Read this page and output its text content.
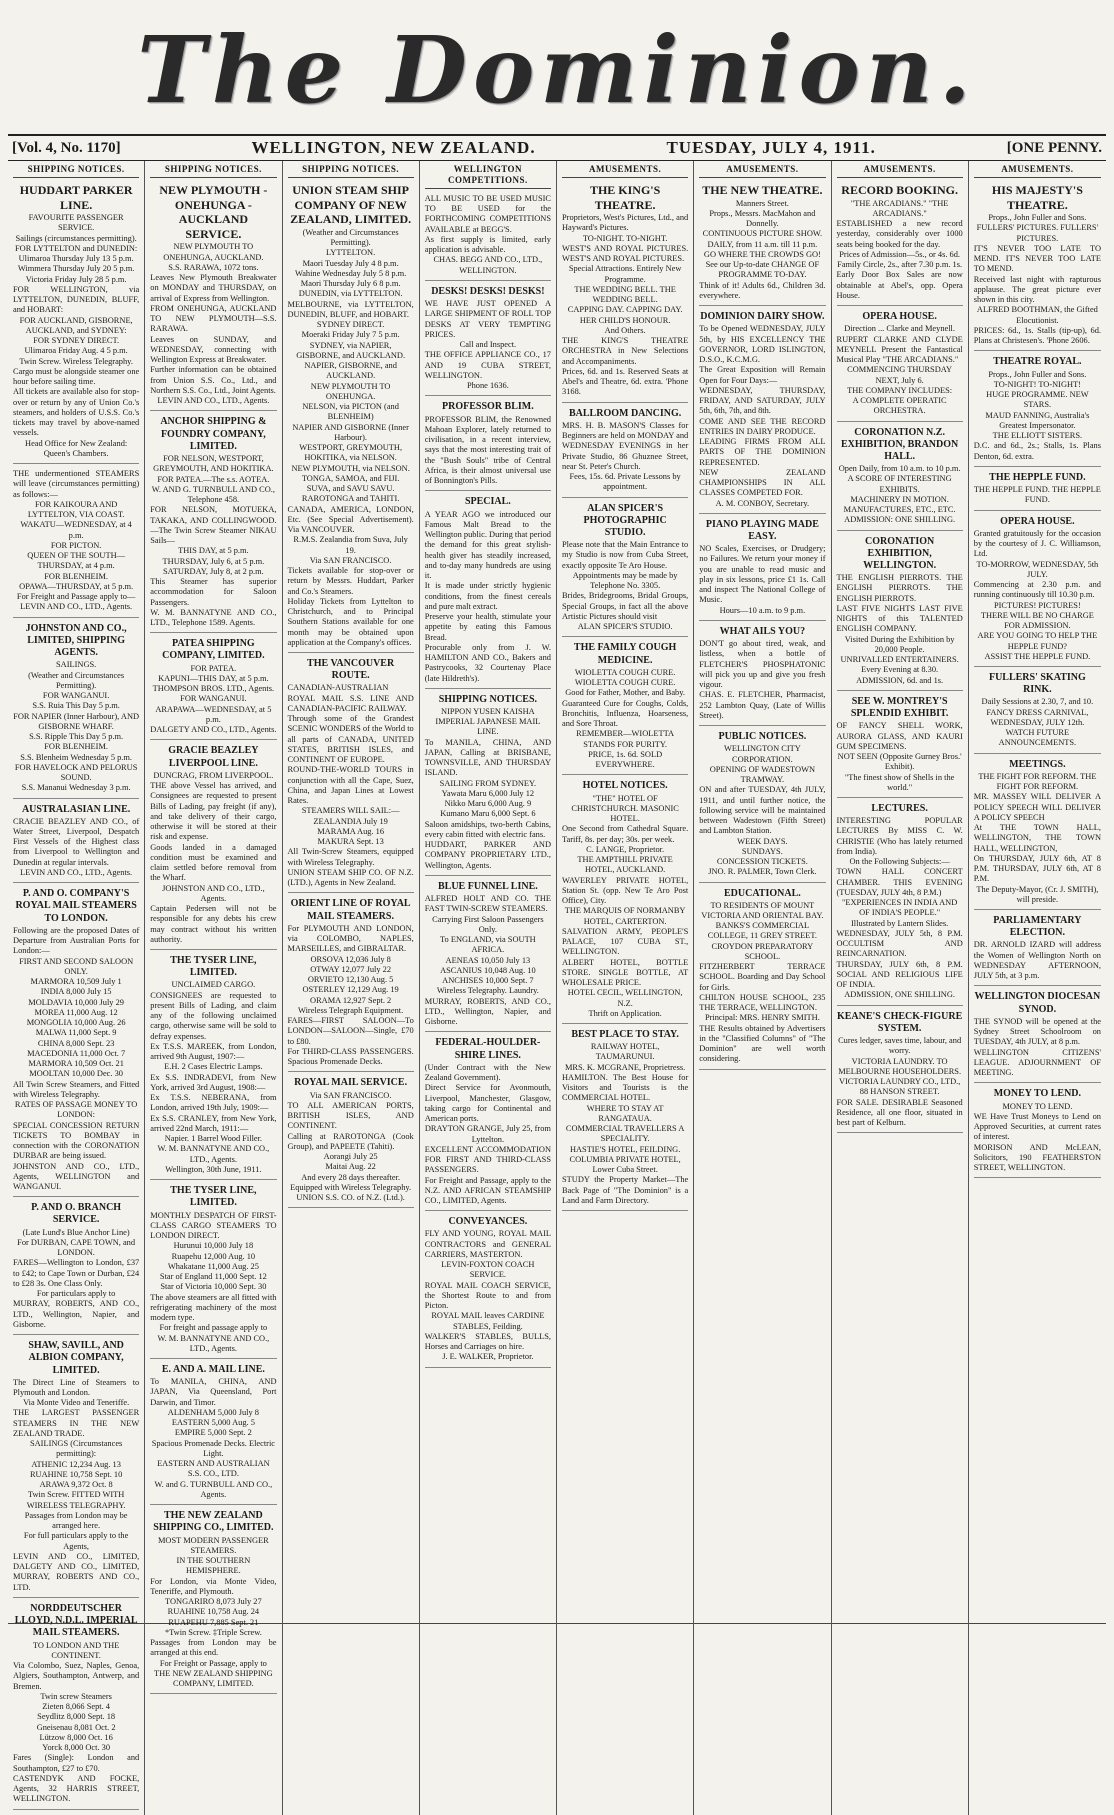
The Dominion.
[Vol. 4, No. 1170]	WELLINGTON, NEW ZEALAND.	TUESDAY, JULY 4, 1911.	[ONE PENNY.
SHIPPING NOTICES.
HUDDART PARKER LINE.
FAVOURITE PASSENGER SERVICE.
Sailings (circumstances permitting).
FOR LYTTELTON and DUNEDIN:
Ulimaroa Thursday July 13 5 p.m.
Wimmera Thursday July 20 5 p.m.
Victoria Friday July 28 5 p.m.
FOR WELLINGTON, via LYTTELTON, DUNEDIN, BLUFF, and HOBART:
FOR AUCKLAND, GISBORNE, AUCKLAND, and SYDNEY:
FOR SYDNEY DIRECT.
Ulimaroa Friday Aug. 4 5 p.m.
Twin Screw. Wireless Telegraphy.
Cargo must be alongside steamer one hour before sailing time.
All tickets are available also for stop-over or return by any of Union Co.'s steamers, and holders of U.S.S. Co.'s tickets may travel by above-named vessels.
Head Office for New Zealand: Queen's Chambers.
THE undermentioned STEAMERS will leave (circumstances permitting) as follows:—
FOR KAIKOURA AND LYTTELTON, VIA COAST.
WAKATU—WEDNESDAY, at 4 p.m.
FOR PICTON.
QUEEN OF THE SOUTH—THURSDAY, at 4 p.m.
FOR BLENHEIM.
OPAWA—THURSDAY, at 5 p.m.
For Freight and Passage apply to—
LEVIN AND CO., LTD., Agents.
JOHNSTON AND CO., LIMITED, SHIPPING AGENTS.
SAILINGS.
(Weather and Circumstances Permitting).
FOR WANGANUI.
S.S. Ruia This Day 5 p.m.
FOR NAPIER (Inner Harbour), AND GISBORNE WHARF.
S.S. Ripple This Day 5 p.m.
FOR BLENHEIM.
S.S. Blenheim Wednesday 5 p.m.
FOR HAVELOCK AND PELORUS SOUND.
S.S. Mananui Wednesday 3 p.m.
AUSTRALASIAN LINE.
CRACIE BEAZLEY AND CO., of Water Street, Liverpool, Despatch First Vessels of the Highest class from Liverpool to Wellington and Dunedin at regular intervals.
LEVIN AND CO., LTD., Agents.
P. AND O. COMPANY'S ROYAL MAIL STEAMERS TO LONDON.
Following are the proposed Dates of Departure from Australian Ports for London:—
FIRST AND SECOND SALOON ONLY.
MARMORA 10,509 July 1
INDIA 8,000 July 15
MOLDAVIA 10,000 July 29
MOREA 11,000 Aug. 12
MONGOLIA 10,000 Aug. 26
MALWA 11,000 Sept. 9
CHINA 8,000 Sept. 23
MACEDONIA 11,000 Oct. 7
MARMORA 10,509 Oct. 21
MOOLTAN 10,000 Dec. 30
All Twin Screw Steamers, and Fitted with Wireless Telegraphy.
RATES OF PASSAGE MONEY TO LONDON:
SPECIAL CONCESSION RETURN TICKETS TO BOMBAY in connection with the CORONATION DURBAR are being issued.
JOHNSTON AND CO., LTD., Agents, WELLINGTON and WANGANUI.
P. AND O. BRANCH SERVICE.
(Late Lund's Blue Anchor Line)
For DURBAN, CAPE TOWN, and LONDON.
FARES—Wellington to London, £37 to £42; to Cape Town or Durban, £24 to £28 3s. One Class Only.
For particulars apply to
MURRAY, ROBERTS, AND CO., LTD., Wellington, Napier, and Gisborne.
SHAW, SAVILL, AND ALBION COMPANY, LIMITED.
The Direct Line of Steamers to Plymouth and London.
Via Monte Video and Teneriffe.
THE LARGEST PASSENGER STEAMERS IN THE NEW ZEALAND TRADE.
SAILINGS (Circumstances permitting):
ATHENIC 12,234 Aug. 13
RUAHINE 10,758 Sept. 10
ARAWA 9,372 Oct. 8
Twin Screw. FITTED WITH WIRELESS TELEGRAPHY.
Passages from London may be arranged here.
For full particulars apply to the Agents,
LEVIN AND CO., LIMITED, DALGETY AND CO., LIMITED, MURRAY, ROBERTS AND CO., LTD.
NORDDEUTSCHER LLOYD, N.D.L. IMPERIAL MAIL STEAMERS.
TO LONDON AND THE CONTINENT.
Via Colombo, Suez, Naples, Genoa, Algiers, Southampton, Antwerp, and Bremen.
Twin screw Steamers
Zieten 8,066 Sept. 4
Seydlitz 8,000 Sept. 18
Gneisenau 8,081 Oct. 2
Lützow 8,000 Oct. 16
Yorck 8,000 Oct. 30
Fares (Single): London and Southampton, £27 to £70.
CASTENDYK AND FOCKE, Agents, 32 HARRIS STREET, WELLINGTON.
SHIPPING NOTICES.
NEW PLYMOUTH - ONEHUNGA - AUCKLAND SERVICE.
NEW PLYMOUTH TO ONEHUNGA, AUCKLAND.
S.S. RARAWA, 1072 tons.
Leaves New Plymouth Breakwater on MONDAY and THURSDAY, on arrival of Express from Wellington.
FROM ONEHUNGA, AUCKLAND TO NEW PLYMOUTH—S.S. RARAWA.
Leaves on SUNDAY, and WEDNESDAY, connecting with Wellington Express at Breakwater.
Further information can be obtained from Union S.S. Co., Ltd., and Northern S.S. Co., Ltd., Joint Agents.
LEVIN AND CO., LTD., Agents.
ANCHOR SHIPPING & FOUNDRY COMPANY, LIMITED.
FOR NELSON, WESTPORT, GREYMOUTH, AND HOKITIKA.
FOR PATEA.—The s.s. AOTEA.
W. AND G. TURNBULL AND CO., Telephone 458.
FOR NELSON, MOTUEKA, TAKAKA, AND COLLINGWOOD.—The Twin Screw Steamer NIKAU Sails—
THIS DAY, at 5 p.m.
THURSDAY, July 6, at 5 p.m.
SATURDAY, July 8, at 2 p.m.
This Steamer has superior accommodation for Saloon Passengers.
W. M. BANNATYNE AND CO., LTD., Telephone 1589. Agents.
PATEA SHIPPING COMPANY, LIMITED.
FOR PATEA.
KAPUNI—THIS DAY, at 5 p.m.
THOMPSON BROS. LTD., Agents.
FOR WANGANUI.
ARAPAWA—WEDNESDAY, at 5 p.m.
DALGETY AND CO., LTD., Agents.
GRACIE BEAZLEY LIVERPOOL LINE.
DUNCRAG, FROM LIVERPOOL.
THE above Vessel has arrived, and Consignees are requested to present Bills of Lading, pay freight (if any), and take delivery of their cargo, otherwise it will be stored at their risk and expense.
Goods landed in a damaged condition must be examined and claim settled before removal from the Wharf.
JOHNSTON AND CO., LTD., Agents.
Captain Pedersen will not be responsible for any debts his crew may contract without his written authority.
THE TYSER LINE, LIMITED.
UNCLAIMED CARGO.
CONSIGNEES are requested to present Bills of Lading, and claim any of the following unclaimed cargo, otherwise same will be sold to defray expenses.
Ex T.S.S. MAREEK, from London, arrived 9th August, 1907:—
E.H. 2 Cases Electric Lamps.
Ex S.S. INDRADEVI, from New York, arrived 3rd August, 1908:—
Ex T.S.S. NEBERANA, from London, arrived 19th July, 1909:—
Ex S.S. CRANLEY, from New York, arrived 22nd March, 1911:—
Napier. 1 Barrel Wood Filler.
W. M. BANNATYNE AND CO., LTD., Agents.
Wellington, 30th June, 1911.
THE TYSER LINE, LIMITED.
MONTHLY DESPATCH OF FIRST-CLASS CARGO STEAMERS TO LONDON DIRECT.
Hurunui 10,000 July 18
Ruapehu 12,000 Aug. 10
Whakatane 11,000 Aug. 25
Star of England 11,000 Sept. 12
Star of Victoria 10,000 Sept. 30
The above steamers are all fitted with refrigerating machinery of the most modern type.
For freight and passage apply to
W. M. BANNATYNE AND CO., LTD., Agents.
E. AND A. MAIL LINE.
To MANILA, CHINA, AND JAPAN, Via Queensland, Port Darwin, and Timor.
ALDENHAM 5,000 July 8
EASTERN 5,000 Aug. 5
EMPIRE 5,000 Sept. 2
Spacious Promenade Decks. Electric Light.
EASTERN AND AUSTRALIAN S.S. CO., LTD.
W. and G. TURNBULL AND CO., Agents.
THE NEW ZEALAND SHIPPING CO., LIMITED.
MOST MODERN PASSENGER STEAMERS.
IN THE SOUTHERN HEMISPHERE.
For London, via Monte Video, Teneriffe, and Plymouth.
TONGARIRO 8,073 July 27
RUAHINE 10,758 Aug. 24
RUAPEHU 7,885 Sept. 21
*Twin Screw. ‡Triple Screw.
Passages from London may be arranged at this end.
For Freight or Passage, apply to
THE NEW ZEALAND SHIPPING COMPANY, LIMITED.
SHIPPING NOTICES.
UNION STEAM SHIP COMPANY OF NEW ZEALAND, LIMITED.
(Weather and Circumstances Permitting).
LYTTELTON.
Maori Tuesday July 4 8 p.m.
Wahine Wednesday July 5 8 p.m.
Maori Thursday July 6 8 p.m.
DUNEDIN, via LYTTELTON.
MELBOURNE, via LYTTELTON, DUNEDIN, BLUFF, and HOBART.
SYDNEY DIRECT.
Moeraki Friday July 7 5 p.m.
SYDNEY, via NAPIER, GISBORNE, and AUCKLAND.
NAPIER, GISBORNE, and AUCKLAND.
NEW PLYMOUTH TO ONEHUNGA.
NELSON, via PICTON (and BLENHEIM)
NAPIER AND GISBORNE (Inner Harbour).
WESTPORT, GREYMOUTH, HOKITIKA, via NELSON.
NEW PLYMOUTH, via NELSON.
TONGA, SAMOA, and FIJI.
SUVA, and SAVU SAVU.
RAROTONGA and TAHITI.
CANADA, AMERICA, LONDON, Etc. (See Special Advertisement). Via VANCOUVER.
R.M.S. Zealandia from Suva, July 19.
Via SAN FRANCISCO.
Tickets available for stop-over or return by Messrs. Huddart, Parker and Co.'s Steamers.
Holiday Tickets from Lyttelton to Christchurch, and to Principal Southern Stations available for one month may be obtained upon application at the Company's offices.
THE VANCOUVER ROUTE.
CANADIAN-AUSTRALIAN ROYAL MAIL S.S. LINE AND CANADIAN-PACIFIC RAILWAY.
Through some of the Grandest SCENIC WONDERS of the World to all parts of CANADA, UNITED STATES, BRITISH ISLES, and CONTINENT OF EUROPE.
ROUND-THE-WORLD TOURS in conjunction with all the Cape, Suez, China, and Japan Lines at Lowest Rates.
STEAMERS WILL SAIL:—
ZEALANDIA July 19
MARAMA Aug. 16
MAKURA Sept. 13
All Twin-Screw Steamers, equipped with Wireless Telegraphy.
UNION STEAM SHIP CO. OF N.Z. (LTD.), Agents in New Zealand.
ORIENT LINE OF ROYAL MAIL STEAMERS.
For PLYMOUTH AND LONDON, via COLOMBO, NAPLES, MARSEILLES, and GIBRALTAR.
ORSOVA 12,036 July 8
OTWAY 12,077 July 22
ORVIETO 12,130 Aug. 5
OSTERLEY 12,129 Aug. 19
ORAMA 12,927 Sept. 2
Wireless Telegraph Equipment.
FARES—FIRST SALOON—To LONDON—SALOON—Single, £70 to £80.
For THIRD-CLASS PASSENGERS. Spacious Promenade Decks.
ROYAL MAIL SERVICE.
Via SAN FRANCISCO.
TO ALL AMERICAN PORTS, BRITISH ISLES, AND CONTINENT.
Calling at RAROTONGA (Cook Group), and PAPEETE (Tahiti).
Aorangi July 25
Maitai Aug. 22
And every 28 days thereafter.
Equipped with Wireless Telegraphy.
UNION S.S. CO. of N.Z. (Ltd.).
WELLINGTON COMPETITIONS.
ALL MUSIC TO BE USED MUSIC TO BE USED for the FORTHCOMING COMPETITIONS AVAILABLE at BEGG'S.
As first supply is limited, early application is advisable.
CHAS. BEGG AND CO., LTD., WELLINGTON.
DESKS! DESKS! DESKS!
WE HAVE JUST OPENED A LARGE SHIPMENT OF ROLL TOP DESKS AT VERY TEMPTING PRICES.
Call and Inspect.
THE OFFICE APPLIANCE CO., 17 AND 19 CUBA STREET, WELLINGTON.
Phone 1636.
PROFESSOR BLIM.
PROFESSOR BLIM, the Renowned Mahoan Explorer, lately returned to civilisation, in a recent interview, says that the most interesting trait of the "Bush Souls" tribe of Central Africa, is their almost universal use of Bonnington's Pills.
SPECIAL.
A YEAR AGO we introduced our Famous Malt Bread to the Wellington public. During that period the demand for this great stylish-health giver has steadily increased, and to-day many hundreds are using it.
It is made under strictly hygienic conditions, from the finest cereals and pure malt extract.
Preserve your health, stimulate your appetite by eating this Famous Bread.
Procurable only from J. W. HAMILTON AND CO., Bakers and Pastrycooks, 32 Courtenay Place (late Hildreth's).
SHIPPING NOTICES.
NIPPON YUSEN KAISHA IMPERIAL JAPANESE MAIL LINE.
To MANILA, CHINA, AND JAPAN, Calling at BRISBANE, TOWNSVILLE, AND THURSDAY ISLAND.
SAILING FROM SYDNEY.
Yawata Maru 6,000 July 12
Nikko Maru 6,000 Aug. 9
Kumano Maru 6,000 Sept. 6
Saloon amidships, two-berth Cabins, every cabin fitted with electric fans.
HUDDART, PARKER AND COMPANY PROPRIETARY LTD., Wellington, Agents.
BLUE FUNNEL LINE.
ALFRED HOLT AND CO. THE FAST TWIN-SCREW STEAMERS.
Carrying First Saloon Passengers Only.
To ENGLAND, via SOUTH AFRICA.
AENEAS 10,050 July 13
ASCANIUS 10,048 Aug. 10
ANCHISES 10,000 Sept. 7
Wireless Telegraphy. Laundry.
MURRAY, ROBERTS, AND CO., LTD., Wellington, Napier, and Gisborne.
FEDERAL-HOULDER-SHIRE LINES.
(Under Contract with the New Zealand Government).
Direct Service for Avonmouth, Liverpool, Manchester, Glasgow, taking cargo for Continental and American ports.
DRAYTON GRANGE, July 25, from Lyttelton.
EXCELLENT ACCOMMODATION FOR FIRST AND THIRD-CLASS PASSENGERS.
For Freight and Passage, apply to the N.Z. AND AFRICAN STEAMSHIP CO., LIMITED, Agents.
CONVEYANCES.
FLY AND YOUNG, ROYAL MAIL CONTRACTORS and GENERAL CARRIERS, MASTERTON.
LEVIN-FOXTON COACH SERVICE.
ROYAL MAIL COACH SERVICE, the Shortest Route to and from Picton.
ROYAL MAIL leaves CARDINE STABLES, Feilding.
WALKER'S STABLES, BULLS, Horses and Carriages on hire.
J. E. WALKER, Proprietor.
AMUSEMENTS.
THE KING'S THEATRE.
Proprietors, West's Pictures, Ltd., and Hayward's Pictures.
TO-NIGHT. TO-NIGHT.
WEST'S AND ROYAL PICTURES. WEST'S AND ROYAL PICTURES.
Special Attractions. Entirely New Programme.
THE WEDDING BELL. THE WEDDING BELL.
CAPPING DAY. CAPPING DAY.
HER CHILD'S HONOUR.
And Others.
THE KING'S THEATRE ORCHESTRA in New Selections and Accompaniments.
Prices, 6d. and 1s. Reserved Seats at Abel's and Theatre, 6d. extra. 'Phone 3168.
BALLROOM DANCING.
MRS. H. B. MASON'S Classes for Beginners are held on MONDAY and WEDNESDAY EVENINGS in her Private Studio, 86 Ghuznee Street, near St. Peter's Church.
Fees, 15s. 6d. Private Lessons by appointment.
ALAN SPICER'S PHOTOGRAPHIC STUDIO.
Please note that the Main Entrance to my Studio is now from Cuba Street, exactly opposite Te Aro House.
Appointments may be made by Telephone No. 3305.
Brides, Bridegrooms, Bridal Groups, Special Groups, in fact all the above Artistic Pictures should visit
ALAN SPICER'S STUDIO.
THE FAMILY COUGH MEDICINE.
WIOLETTA COUGH CURE. WIOLETTA COUGH CURE.
Good for Father, Mother, and Baby.
Guaranteed Cure for Coughs, Colds, Bronchitis, Influenza, Hoarseness, and Sore Throat.
REMEMBER—WIOLETTA STANDS FOR PURITY.
PRICE, 1s. 6d. SOLD EVERYWHERE.
HOTEL NOTICES.
"THE" HOTEL OF CHRISTCHURCH. MASONIC HOTEL.
One Second from Cathedral Square. Tariff, 8s. per day; 30s. per week.
C. LANGE, Proprietor.
THE AMPTHILL PRIVATE HOTEL, AUCKLAND.
WAVERLEY PRIVATE HOTEL, Station St. (opp. New Te Aro Post Office), City.
THE MARQUIS OF NORMANBY HOTEL, CARTERTON.
SALVATION ARMY, PEOPLE'S PALACE, 107 CUBA ST., WELLINGTON.
ALBERT HOTEL, BOTTLE STORE. SINGLE BOTTLE, AT WHOLESALE PRICE.
HOTEL CECIL, WELLINGTON, N.Z.
Thrift on Application.
BEST PLACE TO STAY.
RAILWAY HOTEL, TAUMARUNUI.
MRS. K. MCGRANE, Proprietress.
HAMILTON. The Best House for Visitors and Tourists is the COMMERCIAL HOTEL.
WHERE TO STAY AT RANGATAUA.
COMMERCIAL TRAVELLERS A SPECIALITY.
HASTIE'S HOTEL, FEILDING.
COLUMBIA PRIVATE HOTEL, Lower Cuba Street.
STUDY the Property Market—The Back Page of "The Dominion" is a Land and Farm Directory.
AMUSEMENTS.
THE NEW THEATRE.
Manners Street.
Props., Messrs. MacMahon and Donnelly.
CONTINUOUS PICTURE SHOW.
DAILY, from 11 a.m. till 11 p.m.
GO WHERE THE CROWDS GO!
See our Up-to-date CHANGE OF PROGRAMME TO-DAY.
Think of it! Adults 6d., Children 3d. everywhere.
DOMINION DAIRY SHOW.
To be Opened WEDNESDAY, JULY 5th, by HIS EXCELLENCY THE GOVERNOR, LORD ISLINGTON, D.S.O., K.C.M.G.
The Great Exposition will Remain Open for Four Days:—
WEDNESDAY, THURSDAY, FRIDAY, AND SATURDAY, JULY 5th, 6th, 7th, and 8th.
COME AND SEE THE RECORD ENTRIES IN DAIRY PRODUCE.
LEADING FIRMS FROM ALL PARTS OF THE DOMINION REPRESENTED.
NEW ZEALAND CHAMPIONSHIPS IN ALL CLASSES COMPETED FOR.
A. M. CONBOY, Secretary.
PIANO PLAYING MADE EASY.
NO Scales, Exercises, or Drudgery; no Failures. We return your money if you are unable to read music and play in six lessons, price £1 1s. Call and inspect The National College of Music.
Hours—10 a.m. to 9 p.m.
WHAT AILS YOU?
DON'T go about tired, weak, and listless, when a bottle of FLETCHER'S PHOSPHATONIC will pick you up and give you fresh vigour.
CHAS. E. FLETCHER, Pharmacist, 252 Lambton Quay, (Late of Willis Street).
PUBLIC NOTICES.
WELLINGTON CITY CORPORATION.
OPENING OF WADESTOWN TRAMWAY.
ON and after TUESDAY, 4th JULY, 1911, and until further notice, the following service will be maintained between Wadestown (Fifth Street) and Lambton Station.
WEEK DAYS.
SUNDAYS.
CONCESSION TICKETS.
JNO. R. PALMER, Town Clerk.
EDUCATIONAL.
TO RESIDENTS OF MOUNT VICTORIA AND ORIENTAL BAY.
BANKS'S COMMERCIAL COLLEGE, 11 GREY STREET.
CROYDON PREPARATORY SCHOOL.
FITZHERBERT TERRACE SCHOOL. Boarding and Day School for Girls.
CHILTON HOUSE SCHOOL, 235 THE TERRACE, WELLINGTON.
Principal: MRS. HENRY SMITH.
THE Results obtained by Advertisers in the "Classified Columns" of "The Dominion" are well worth considering.
AMUSEMENTS.
RECORD BOOKING.
"THE ARCADIANS." "THE ARCADIANS."
ESTABLISHED a new record yesterday, considerably over 1000 seats being booked for the day.
Prices of Admission—5s., or 4s. 6d.
Family Circle, 2s., after 7.30 p.m. 1s.
Early Door Box Sales are now obtainable at Abel's, opp. Opera House.
OPERA HOUSE.
Direction ... Clarke and Meynell.
RUPERT CLARKE AND CLYDE MEYNELL Present the Fantastical Musical Play "THE ARCADIANS."
COMMENCING THURSDAY NEXT, July 6.
THE COMPANY INCLUDES:
A COMPLETE OPERATIC ORCHESTRA.
CORONATION N.Z. EXHIBITION, BRANDON HALL.
Open Daily, from 10 a.m. to 10 p.m.
A SCORE OF INTERESTING EXHIBITS.
MACHINERY IN MOTION. MANUFACTURES, ETC., ETC.
ADMISSION: ONE SHILLING.
CORONATION EXHIBITION, WELLINGTON.
THE ENGLISH PIERROTS. THE ENGLISH PIERROTS. THE ENGLISH PIERROTS.
LAST FIVE NIGHTS LAST FIVE NIGHTS of this TALENTED ENGLISH COMPANY.
Visited During the Exhibition by 20,000 People.
UNRIVALLED ENTERTAINERS.
Every Evening at 8.30.
ADMISSION, 6d. and 1s.
SEE W. MONTREY'S SPLENDID EXHIBIT.
OF FANCY SHELL WORK, AURORA GLASS, AND KAURI GUM SPECIMENS.
NOT SEEN (Opposite Gurney Bros.' Exhibit).
"The finest show of Shells in the world."
LECTURES.
INTERESTING POPULAR LECTURES By MISS C. W. CHRISTIE (Who has lately returned from India).
On the Following Subjects:—
TOWN HALL CONCERT CHAMBER. THIS EVENING (TUESDAY, JULY 4th, 8 P.M.)
"EXPERIENCES IN INDIA AND OF INDIA'S PEOPLE."
Illustrated by Lantern Slides.
WEDNESDAY, JULY 5th, 8 P.M. OCCULTISM AND REINCARNATION.
THURSDAY, JULY 6th, 8 P.M. SOCIAL AND RELIGIOUS LIFE OF INDIA.
ADMISSION, ONE SHILLING.
KEANE'S CHECK-FIGURE SYSTEM.
Cures ledger, saves time, labour, and worry.
VICTORIA LAUNDRY. TO MELBOURNE HOUSEHOLDERS.
VICTORIA LAUNDRY CO., LTD., 88 HANSON STREET.
FOR SALE. DESIRABLE Seasoned Residence, all one floor, situated in best part of Kelburn.
AMUSEMENTS.
HIS MAJESTY'S THEATRE.
Props., John Fuller and Sons.
FULLERS' PICTURES. FULLERS' PICTURES.
IT'S NEVER TOO LATE TO MEND. IT'S NEVER TOO LATE TO MEND.
Received last night with rapturous applause. The great picture ever shown in this city.
ALFRED BOOTHMAN, the Gifted Elocutionist.
PRICES: 6d., 1s. Stalls (tip-up), 6d. Plans at Christesen's. 'Phone 2606.
THEATRE ROYAL.
Props., John Fuller and Sons.
TO-NIGHT! TO-NIGHT!
HUGE PROGRAMME. NEW STARS.
MAUD FANNING, Australia's Greatest Impersonator.
THE ELLIOTT SISTERS.
D.C. and 6d., 2s.; Stalls, 1s. Plans Denton, 6d. extra.
THE HEPPLE FUND.
THE HEPPLE FUND. THE HEPPLE FUND.
OPERA HOUSE.
Granted gratuitously for the occasion by the courtesy of J. C. Williamson, Ltd.
TO-MORROW, WEDNESDAY, 5th JULY.
Commencing at 2.30 p.m. and running continuously till 10.30 p.m.
PICTURES! PICTURES!
THERE WILL BE NO CHARGE FOR ADMISSION.
ARE YOU GOING TO HELP THE HEPPLE FUND?
ASSIST THE HEPPLE FUND.
FULLERS' SKATING RINK.
Daily Sessions at 2.30, 7, and 10.
FANCY DRESS CARNIVAL, WEDNESDAY, JULY 12th.
WATCH FUTURE ANNOUNCEMENTS.
MEETINGS.
THE FIGHT FOR REFORM. THE FIGHT FOR REFORM.
MR. MASSEY WILL DELIVER A POLICY SPEECH WILL DELIVER A POLICY SPEECH
At THE TOWN HALL, WELLINGTON, THE TOWN HALL, WELLINGTON,
On THURSDAY, JULY 6th, AT 8 P.M. THURSDAY, JULY 6th, AT 8 P.M.
The Deputy-Mayor, (Cr. J. SMITH), will preside.
PARLIAMENTARY ELECTION.
DR. ARNOLD IZARD will address the Women of Wellington North on WEDNESDAY AFTERNOON, JULY 5th, at 3 p.m.
WELLINGTON DIOCESAN SYNOD.
THE SYNOD will be opened at the Sydney Street Schoolroom on TUESDAY, 4th JULY, at 8 p.m.
WELLINGTON CITIZENS' LEAGUE. ADJOURNMENT OF MEETING.
MONEY TO LEND.
MONEY TO LEND.
WE Have Trust Moneys to Lend on Approved Securities, at current rates of interest.
MORISON AND McLEAN, Solicitors, 190 FEATHERSTON STREET, WELLINGTON.
